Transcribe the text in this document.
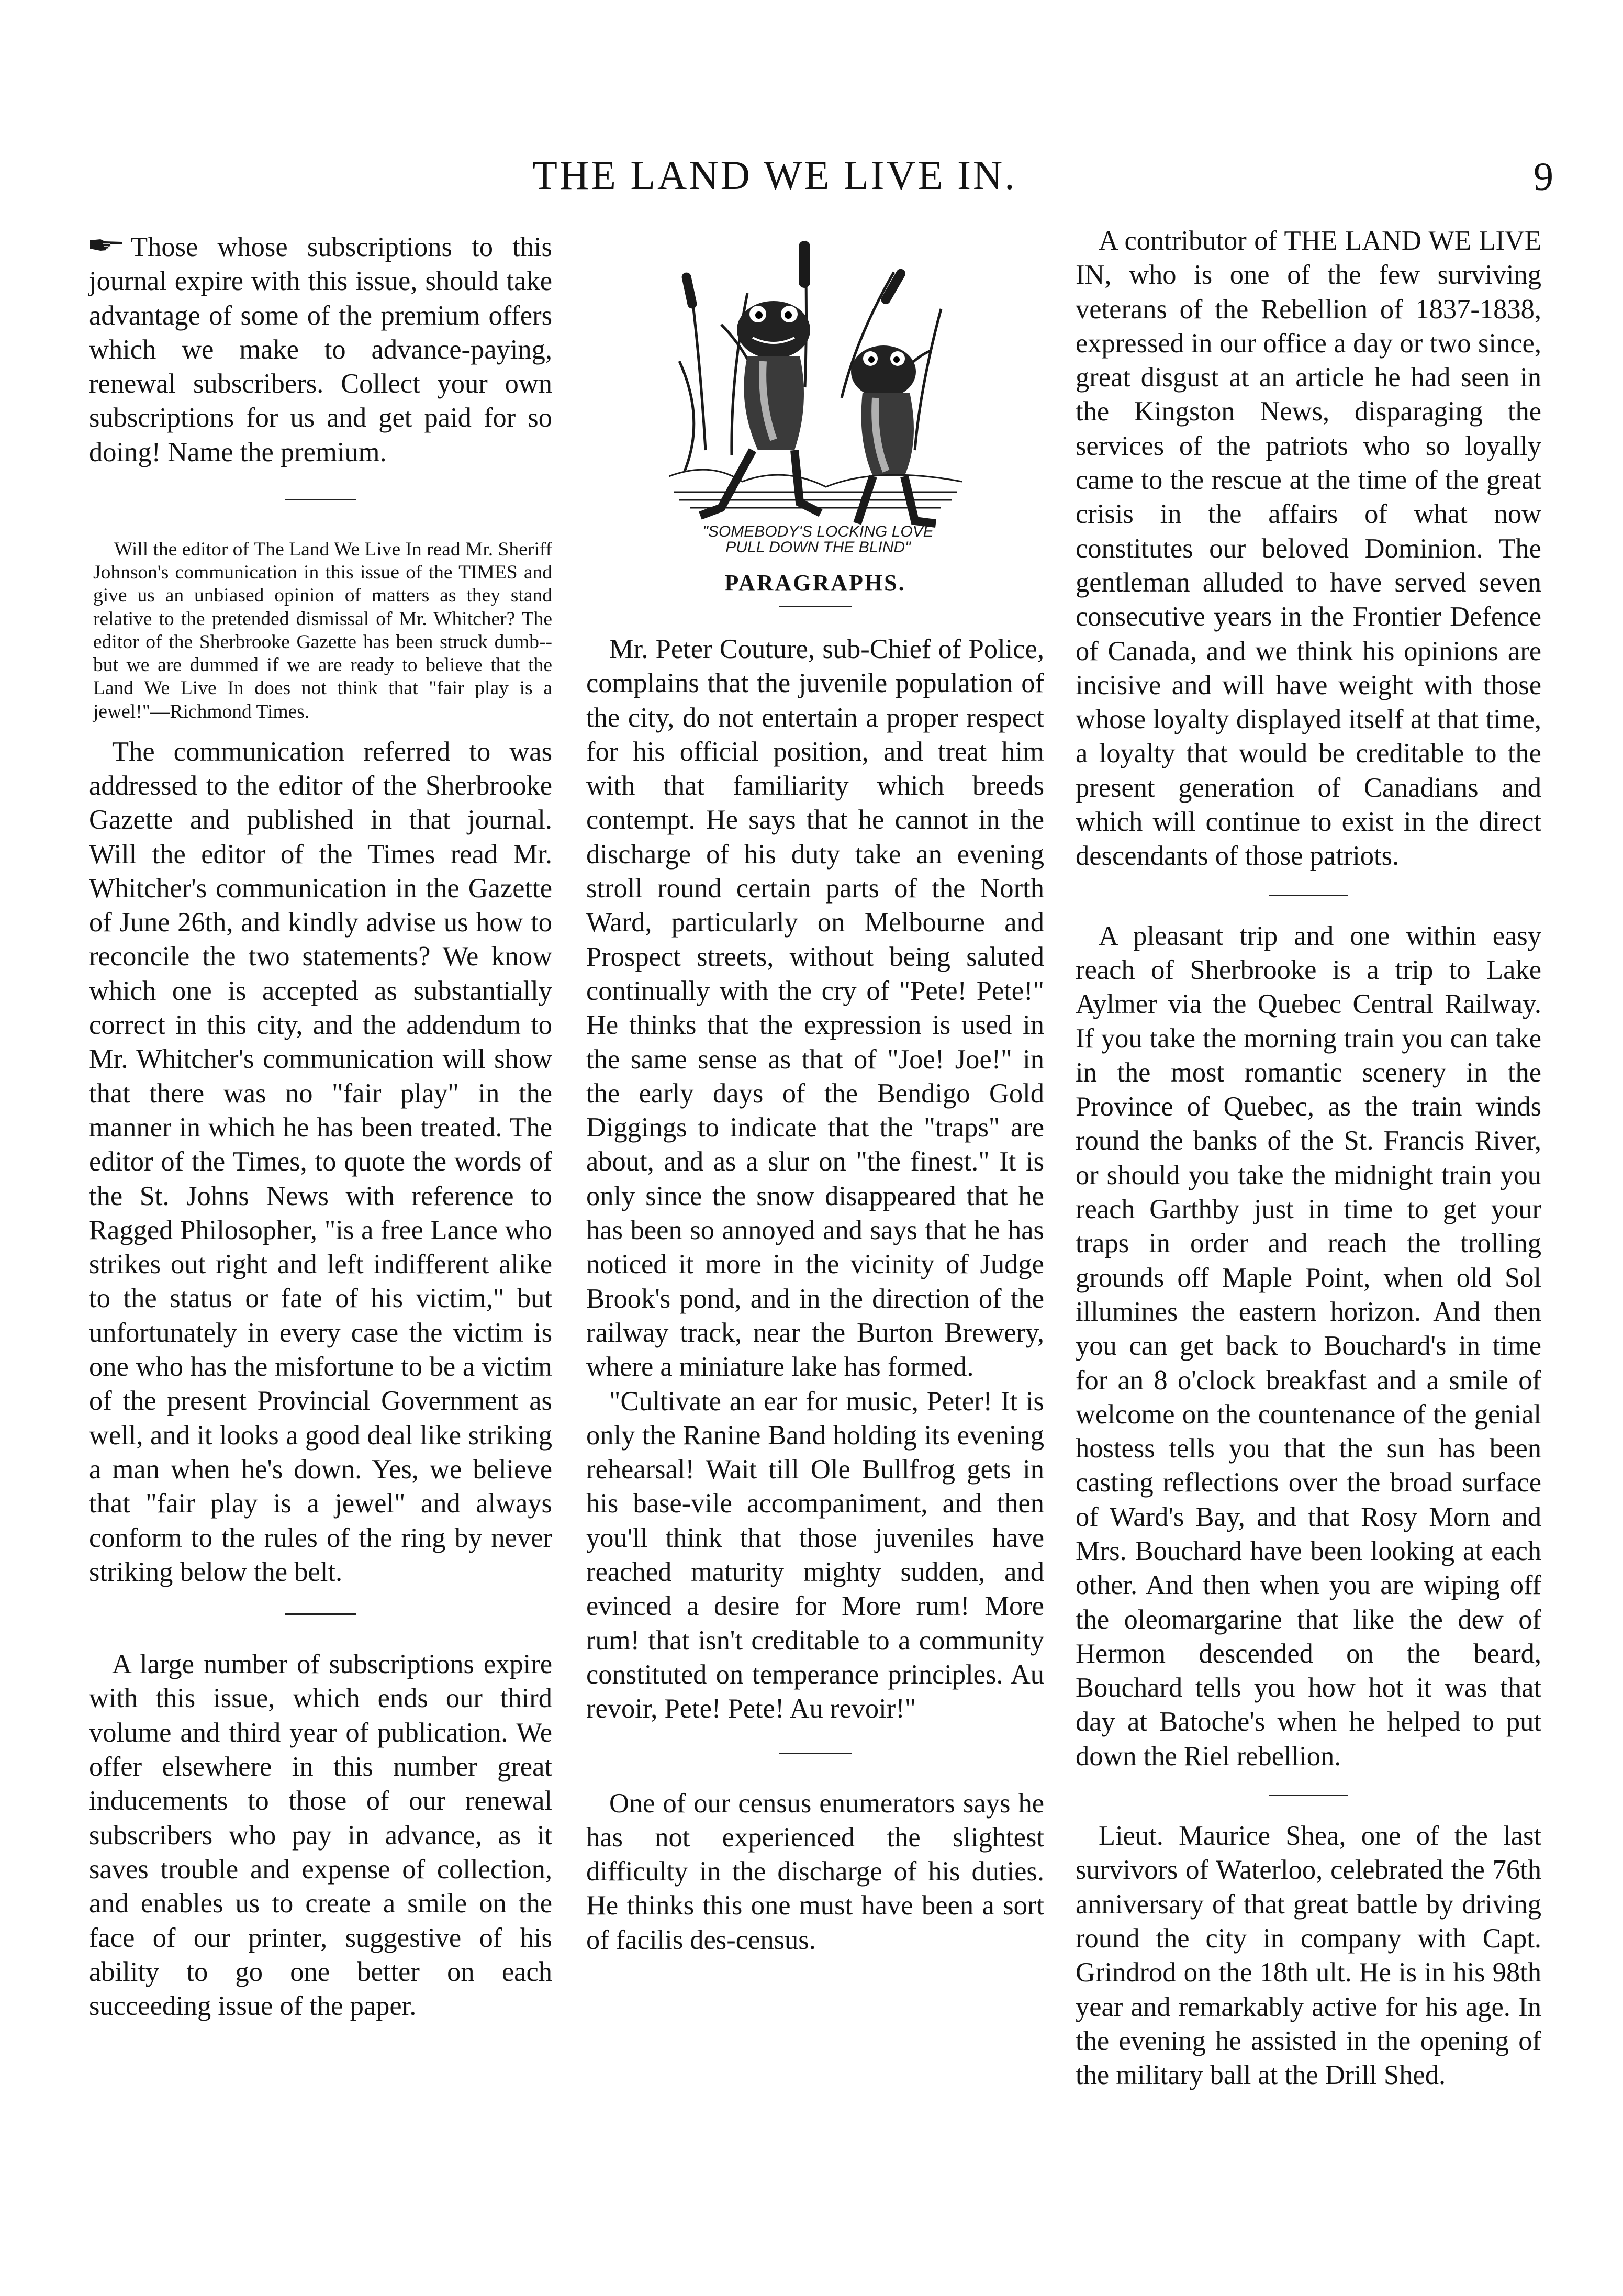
THE LAND WE LIVE IN.	9

Those whose subscriptions to this journal expire with this issue, should take advantage of some of the premium offers which we make to advance-paying, renewal subscribers. Collect your own subscriptions for us and get paid for so doing! Name the premium.

Will the editor of The Land We Live In read Mr. Sheriff Johnson's communication in this issue of the TIMES and give us an unbiased opinion of matters as they stand relative to the pretended dismissal of Mr. Whitcher? The editor of the Sherbrooke Gazette has been struck dumb--but we are dummed if we are ready to believe that the Land We Live In does not think that "fair play is a jewel!"—Richmond Times.

The communication referred to was addressed to the editor of the Sherbrooke Gazette and published in that journal. Will the editor of the Times read Mr. Whitcher's communication in the Gazette of June 26th, and kindly advise us how to reconcile the two statements? We know which one is accepted as substantially correct in this city, and the addendum to Mr. Whitcher's communication will show that there was no "fair play" in the manner in which he has been treated. The editor of the Times, to quote the words of the St. Johns News with reference to Ragged Philosopher, "is a free Lance who strikes out right and left indifferent alike to the status or fate of his victim," but unfortunately in every case the victim is one who has the misfortune to be a victim of the present Provincial Government as well, and it looks a good deal like striking a man when he's down. Yes, we believe that "fair play is a jewel" and always conform to the rules of the ring by never striking below the belt.

A large number of subscriptions expire with this issue, which ends our third volume and third year of publication. We offer elsewhere in this number great inducements to those of our renewal subscribers who pay in advance, as it saves trouble and expense of collection, and enables us to create a smile on the face of our printer, suggestive of his ability to go one better on each succeeding issue of the paper.

"SOMEBODY'S LOCKING LOVE
PULL DOWN THE BLIND"
PARAGRAPHS.

Mr. Peter Couture, sub-Chief of Police, complains that the juvenile population of the city, do not entertain a proper respect for his official position, and treat him with that familiarity which breeds contempt. He says that he cannot in the discharge of his duty take an evening stroll round certain parts of the North Ward, particularly on Melbourne and Prospect streets, without being saluted continually with the cry of "Pete! Pete!" He thinks that the expression is used in the same sense as that of "Joe! Joe!" in the early days of the Bendigo Gold Diggings to indicate that the "traps" are about, and as a slur on "the finest." It is only since the snow disappeared that he has been so annoyed and says that he has noticed it more in the vicinity of Judge Brook's pond, and in the direction of the railway track, near the Burton Brewery, where a miniature lake has formed.

"Cultivate an ear for music, Peter! It is only the Ranine Band holding its evening rehearsal! Wait till Ole Bullfrog gets in his base-vile accompaniment, and then you'll think that those juveniles have reached maturity mighty sudden, and evinced a desire for More rum! More rum! that isn't creditable to a community constituted on temperance principles. Au revoir, Pete! Pete! Au revoir!"

One of our census enumerators says he has not experienced the slightest difficulty in the discharge of his duties. He thinks this one must have been a sort of facilis des-census.

A contributor of THE LAND WE LIVE IN, who is one of the few surviving veterans of the Rebellion of 1837-1838, expressed in our office a day or two since, great disgust at an article he had seen in the Kingston News, disparaging the services of the patriots who so loyally came to the rescue at the time of the great crisis in the affairs of what now constitutes our beloved Dominion. The gentleman alluded to have served seven consecutive years in the Frontier Defence of Canada, and we think his opinions are incisive and will have weight with those whose loyalty displayed itself at that time, a loyalty that would be creditable to the present generation of Canadians and which will continue to exist in the direct descendants of those patriots.

A pleasant trip and one within easy reach of Sherbrooke is a trip to Lake Aylmer via the Quebec Central Railway. If you take the morning train you can take in the most romantic scenery in the Province of Quebec, as the train winds round the banks of the St. Francis River, or should you take the midnight train you reach Garthby just in time to get your traps in order and reach the trolling grounds off Maple Point, when old Sol illumines the eastern horizon. And then you can get back to Bouchard's in time for an 8 o'clock breakfast and a smile of welcome on the countenance of the genial hostess tells you that the sun has been casting reflections over the broad surface of Ward's Bay, and that Rosy Morn and Mrs. Bouchard have been looking at each other. And then when you are wiping off the oleomargarine that like the dew of Hermon descended on the beard, Bouchard tells you how hot it was that day at Batoche's when he helped to put down the Riel rebellion.

Lieut. Maurice Shea, one of the last survivors of Waterloo, celebrated the 76th anniversary of that great battle by driving round the city in company with Capt. Grindrod on the 18th ult. He is in his 98th year and remarkably active for his age. In the evening he assisted in the opening of the military ball at the Drill Shed.
